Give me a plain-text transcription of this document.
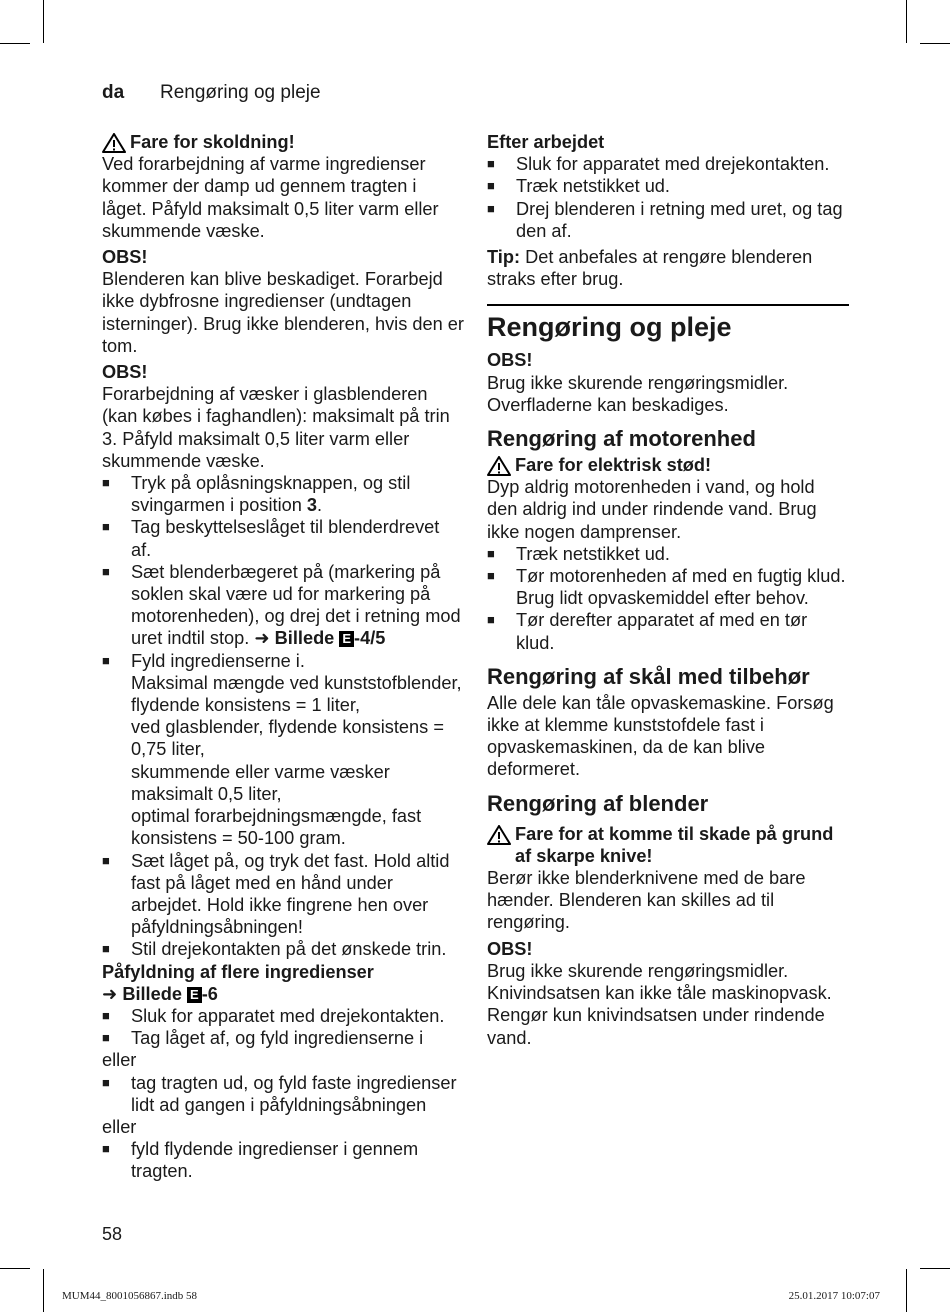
da Rengøring og pleje

Fare for skoldning!

Ved forarbejdning af varme ingredienser kommer der damp ud gennem tragten i låget. Påfyld maksimalt 0,5 liter varm eller skummende væske.

OBS!

Blenderen kan blive beskadiget. Forarbejd ikke dybfrosne ingredienser (undtagen isterninger). Brug ikke blenderen, hvis den er tom.

OBS!

Forarbejdning af væsker i glasblenderen (kan købes i faghandlen): maksimalt på trin 3. Påfyld maksimalt 0,5 liter varm eller skummende væske.

■ Tryk på oplåsningsknappen, og stil svingarmen i position 3.
■ Tag beskyttelseslåget til blenderdrevet af.
■ Sæt blenderbægeret på (markering på soklen skal være ud for markering på motorenheden), og drej det i retning mod uret indtil stop. ➜ Billede E -4/5
■ Fyld ingredienserne i.
Maksimal mængde ved kunststofblender, flydende konsistens = 1 liter,
ved glasblender, flydende konsistens = 0,75 liter,
skummende eller varme væsker maksimalt 0,5 liter,
optimal forarbejdningsmængde, fast konsistens = 50-100 gram.
■ Sæt låget på, og tryk det fast. Hold altid fast på låget med en hånd under arbejdet. Hold ikke fingrene hen over påfyldningsåbningen!
■ Stil drejekontakten på det ønskede trin.

Påfyldning af flere ingredienser

➜ Billede E -6

■ Sluk for apparatet med drejekontakten.
■ Tag låget af, og fyld ingredienserne i

eller

■ tag tragten ud, og fyld faste ingredienser lidt ad gangen i påfyldningsåbningen

eller

■ fyld flydende ingredienser i gennem tragten.

Efter arbejdet

■ Sluk for apparatet med drejekontakten.
■ Træk netstikket ud.
■ Drej blenderen i retning med uret, og tag den af.

Tip: Det anbefales at rengøre blenderen straks efter brug.

Rengøring og pleje

OBS!

Brug ikke skurende rengøringsmidler. Overfladerne kan beskadiges.

Rengøring af motorenhed

Fare for elektrisk stød!

Dyp aldrig motorenheden i vand, og hold den aldrig ind under rindende vand. Brug ikke nogen damprenser.

■ Træk netstikket ud.
■ Tør motorenheden af med en fugtig klud. Brug lidt opvaskemiddel efter behov.
■ Tør derefter apparatet af med en tør klud.

Rengøring af skål med tilbehør

Alle dele kan tåle opvaskemaskine. Forsøg ikke at klemme kunststofdele fast i opvaskemaskinen, da de kan blive deformeret.

Rengøring af blender

Fare for at komme til skade på grund af skarpe knive!

Berør ikke blenderknivene med de bare hænder. Blenderen kan skilles ad til rengøring.

OBS!

Brug ikke skurende rengøringsmidler. Knivindsatsen kan ikke tåle maskinopvask. Rengør kun knivindsatsen under rindende vand.

58
MUM44_8001056867.indb 58	25.01.2017 10:07:07
